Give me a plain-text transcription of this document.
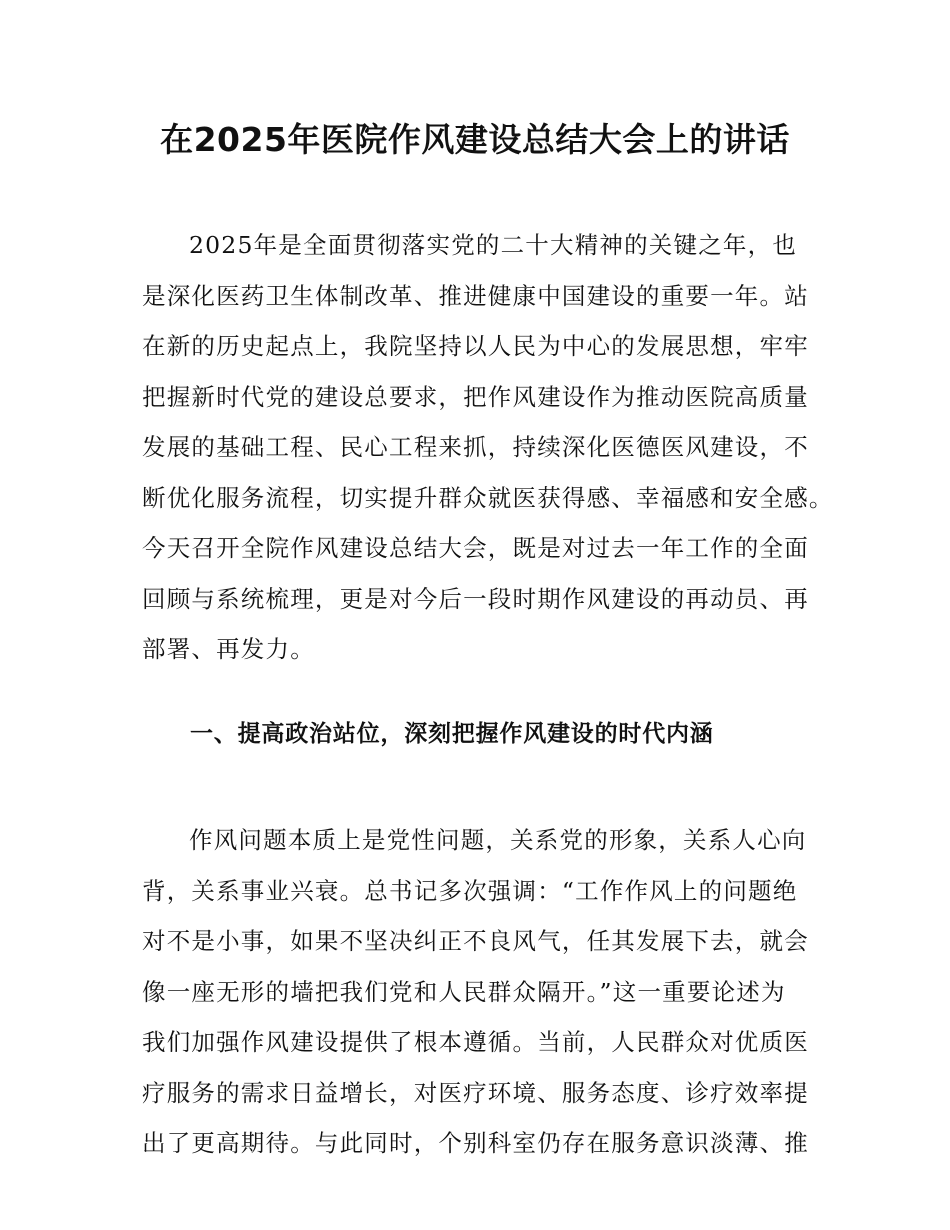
在2025年医院作风建设总结大会上的讲话
2025年是全面贯彻落实党的二十大精神的关键之年，也
是深化医药卫生体制改革、推进健康中国建设的重要一年。站
在新的历史起点上，我院坚持以人民为中心的发展思想，牢牢
把握新时代党的建设总要求，把作风建设作为推动医院高质量
发展的基础工程、民心工程来抓，持续深化医德医风建设，不
断优化服务流程，切实提升群众就医获得感、幸福感和安全感。
今天召开全院作风建设总结大会，既是对过去一年工作的全面
回顾与系统梳理，更是对今后一段时期作风建设的再动员、再
部署、再发力。
一、提高政治站位，深刻把握作风建设的时代内涵
作风问题本质上是党性问题，关系党的形象，关系人心向
背，关系事业兴衰。总书记多次强调：“工作作风上的问题绝
对不是小事，如果不坚决纠正不良风气，任其发展下去，就会
像一座无形的墙把我们党和人民群众隔开。”这一重要论述为
我们加强作风建设提供了根本遵循。当前，人民群众对优质医
疗服务的需求日益增长，对医疗环境、服务态度、诊疗效率提
出了更高期待。与此同时，个别科室仍存在服务意识淡薄、推
